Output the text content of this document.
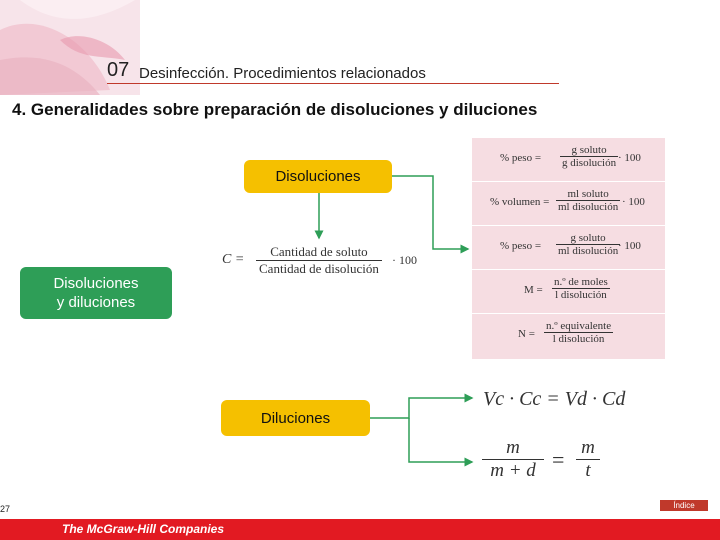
07 Desinfección. Procedimientos relacionados
4. Generalidades sobre preparación de disoluciones y diluciones
Disoluciones
Disoluciones
y diluciones
Diluciones
C =
Cantidad de soluto
Cantidad de disolución
· 100
% peso =
g soluto
g disolución · 100
% volumen =
ml soluto
ml disolución · 100
% peso =
g soluto
ml disolución · 100
M =
n.º de moles
l disolución
N =
n.º equivalente
l disolución
Vc · Cc = Vd · Cd
$\frac{m}{m + d} = \frac{m}{t}$
27	Índice
The McGraw-Hill Companies
